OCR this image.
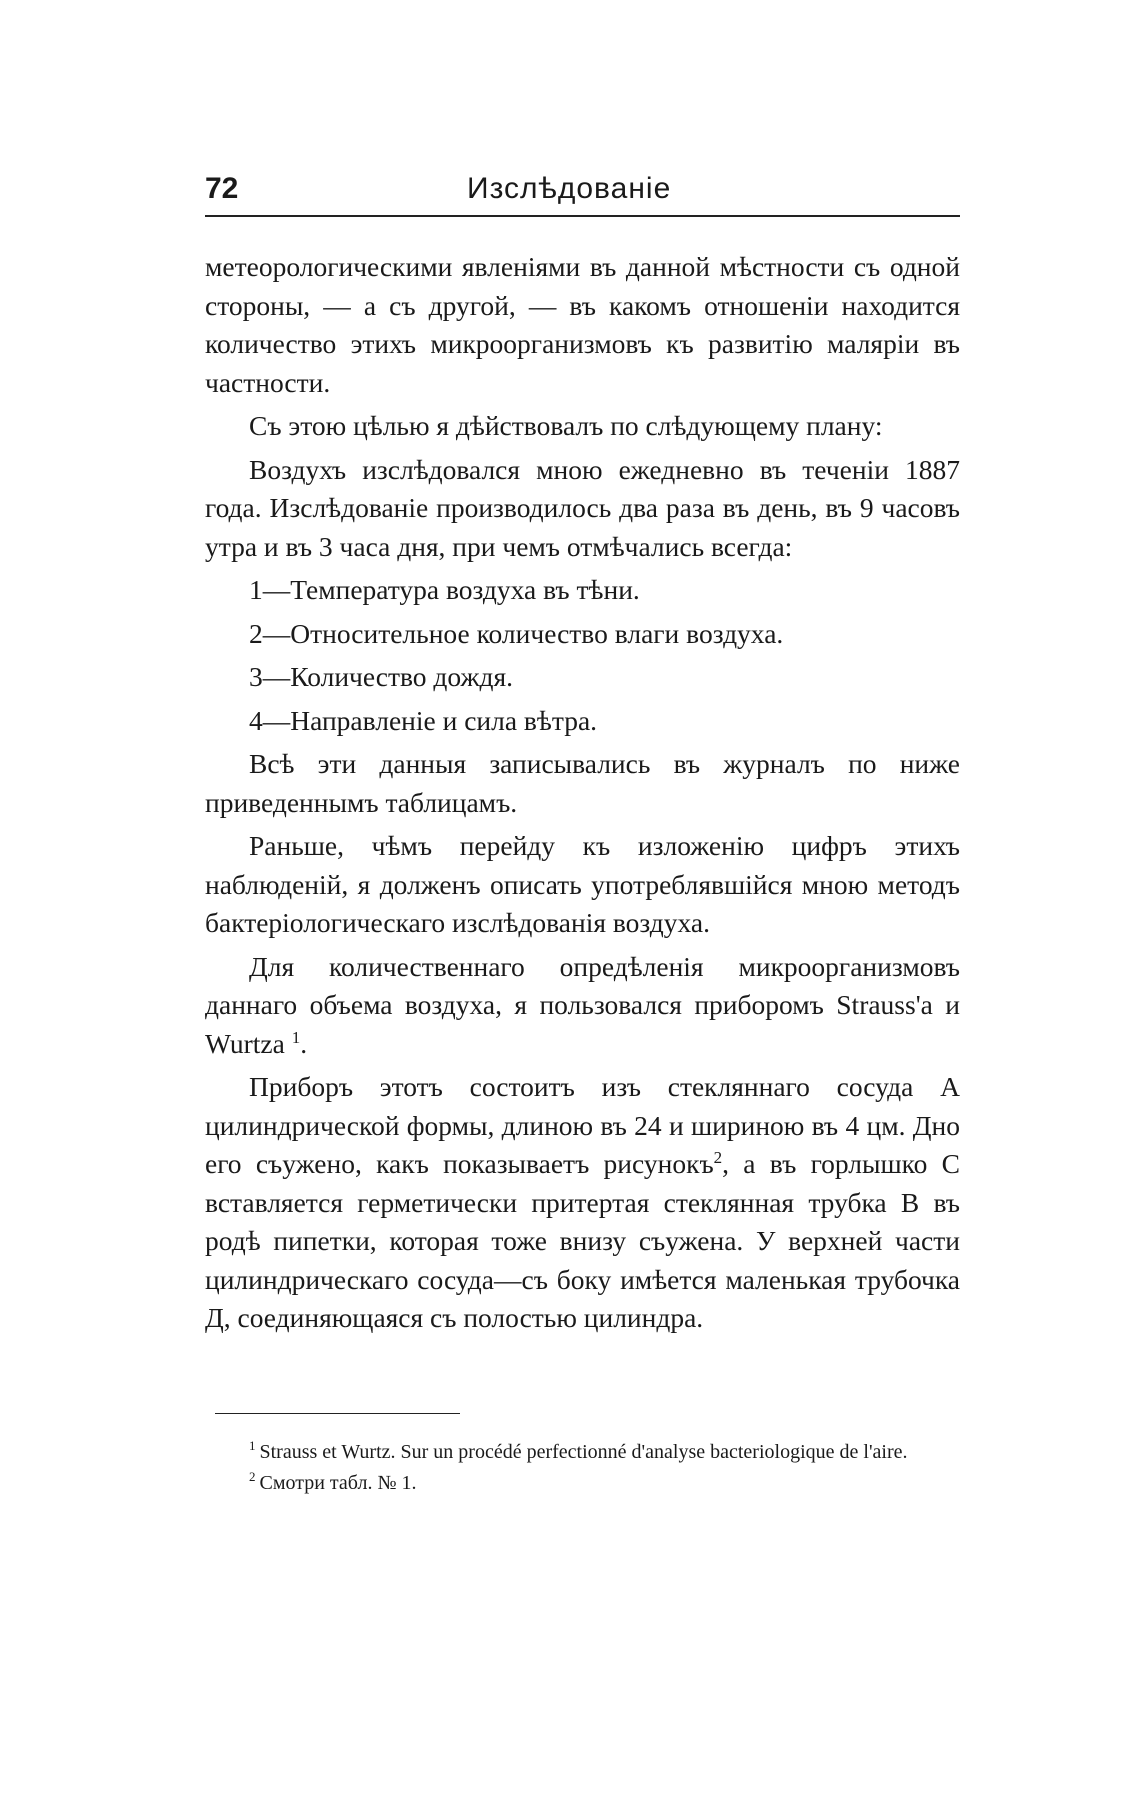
72	Изслѣдованіе

метеорологическими явленіями въ данной мѣстности съ одной стороны, — а съ другой, — въ какомъ отношеніи находится количество этихъ микроорганизмовъ къ развитію маляріи въ частности.

Съ этою цѣлью я дѣйствовалъ по слѣдующему плану:

Воздухъ изслѣдовался мною ежедневно въ теченіи 1887 года. Изслѣдованіе производилось два раза въ день, въ 9 часовъ утра и въ 3 часа дня, при чемъ отмѣчались всегда:

1—Температура воздуха въ тѣни.

2—Относительное количество влаги воздуха.

3—Количество дождя.

4—Направленіе и сила вѣтра.

Всѣ эти данныя записывались въ журналъ по ниже приведеннымъ таблицамъ.

Раньше, чѣмъ перейду къ изложенію цифръ этихъ наблюденій, я долженъ описать употреблявшійся мною методъ бактеріологическаго изслѣдованія воздуха.

Для количественнаго опредѣленія микроорганизмовъ даннаго объема воздуха, я пользовался приборомъ Strauss'а и Wurtza $^1$.

Приборъ этотъ состоитъ изъ стекляннаго сосуда А цилиндрической формы, длиною въ 24 и шириною въ 4 цм. Дно его съужено, какъ показываетъ рисунокъ$^2$, а въ горлышко С вставляется герметически притертая стеклянная трубка В въ родѣ пипетки, которая тоже внизу съужена. У верхней части цилиндрическаго сосуда—съ боку имѣется маленькая трубочка Д, соединяющаяся съ полостью цилиндра.

$^1$ Strauss et Wurtz. Sur un procédé perfectionné d'analyse bacteriologique de l'aire.

$^2$ Смотри табл. № 1.
